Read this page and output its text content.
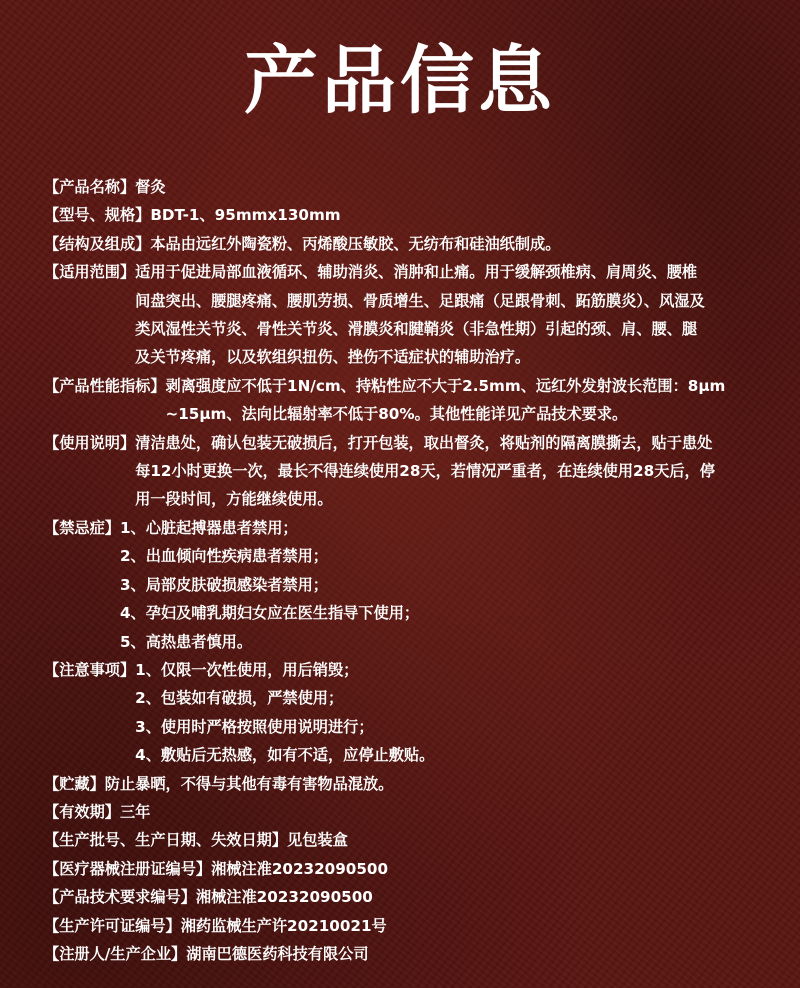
产品信息
【产品名称】 督灸
【型号、规格】 BDT-1、95mmx130mm
【结构及组成】 本品由远红外陶瓷粉、丙烯酸压敏胶、无纺布和硅油纸制成。
【适用范围】 适用于促进局部血液循环、辅助消炎、消肿和止痛。用于缓解颈椎病、肩周炎、腰椎
间盘突出、腰腿疼痛、腰肌劳损、骨质增生、足跟痛（足跟骨刺、跖筋膜炎）、风湿及
类风湿性关节炎、骨性关节炎、滑膜炎和腱鞘炎（非急性期）引起的颈、肩、腰、腿
及关节疼痛，以及软组织扭伤、挫伤不适症状的辅助治疗。
【产品性能指标】 剥离强度应不低于1N/cm、持粘性应不大于2.5mm、远红外发射波长范围：8μm
~15μm、法向比辐射率不低于80%。其他性能详见产品技术要求。
【使用说明】 清洁患处，确认包装无破损后，打开包装，取出督灸，将贴剂的隔离膜撕去，贴于患处
每12小时更换一次，最长不得连续使用28天，若情况严重者，在连续使用28天后，停
用一段时间，方能继续使用。
【禁忌症】 1、心脏起搏器患者禁用；
2、出血倾向性疾病患者禁用；
3、局部皮肤破损感染者禁用；
4、孕妇及哺乳期妇女应在医生指导下使用；
5、高热患者慎用。
【注意事项】 1、仅限一次性使用，用后销毁；
2、包装如有破损，严禁使用；
3、使用时严格按照使用说明进行；
4、敷贴后无热感，如有不适，应停止敷贴。
【贮藏】 防止暴晒，不得与其他有毒有害物品混放。
【有效期】 三年
【生产批号、生产日期、失效日期】 见包装盒
【医疗器械注册证编号】 湘械注准20232090500
【产品技术要求编号】 湘械注准20232090500
【生产许可证编号】 湘药监械生产许20210021号
【注册人/生产企业】 湖南巴德医药科技有限公司
